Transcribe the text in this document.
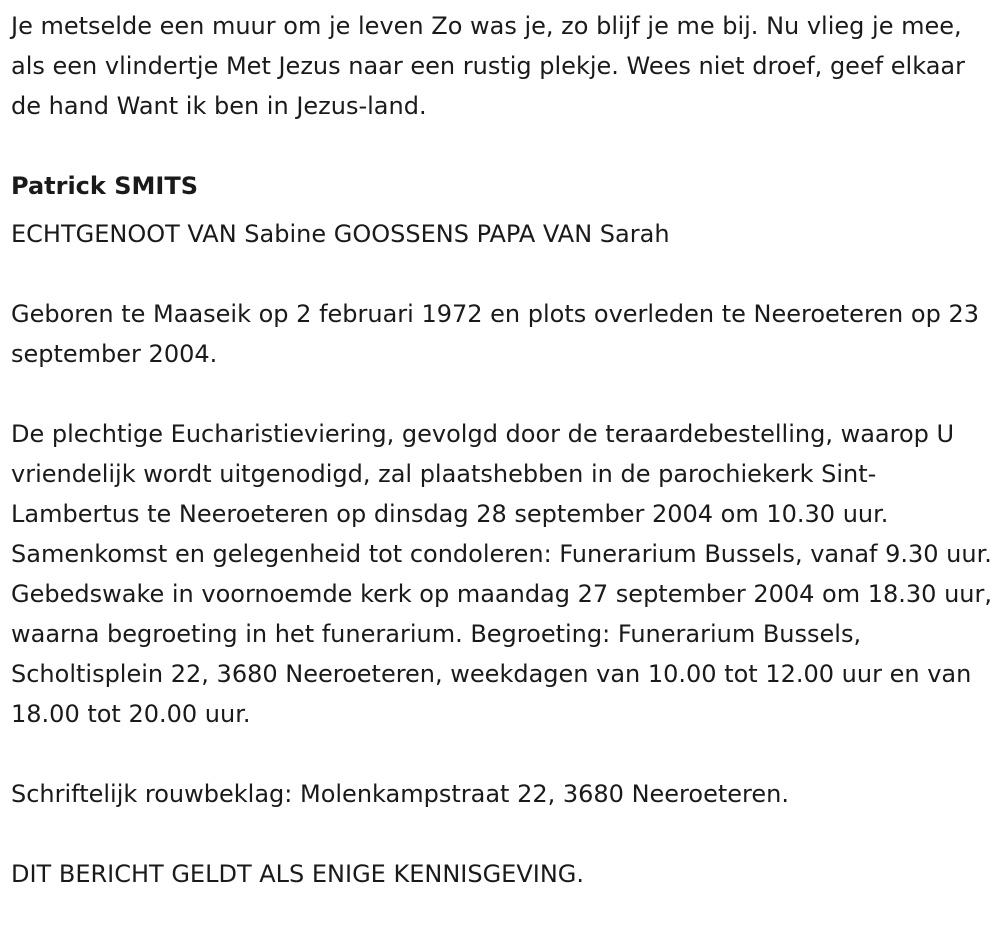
Je metselde een muur om je leven Zo was je, zo blijf je me bij. Nu vlieg je mee, als een vlindertje Met Jezus naar een rustig plekje. Wees niet droef, geef elkaar de hand Want ik ben in Jezus-land.

Patrick SMITS

ECHTGENOOT VAN Sabine GOOSSENS PAPA VAN Sarah

Geboren te Maaseik op 2 februari 1972 en plots overleden te Neeroeteren op 23 september 2004.

De plechtige Eucharistieviering, gevolgd door de teraardebestelling, waarop U vriendelijk wordt uitgenodigd, zal plaatshebben in de parochiekerk Sint-Lambertus te Neeroeteren op dinsdag 28 september 2004 om 10.30 uur. Samenkomst en gelegenheid tot condoleren: Funerarium Bussels, vanaf 9.30 uur. Gebedswake in voornoemde kerk op maandag 27 september 2004 om 18.30 uur, waarna begroeting in het funerarium. Begroeting: Funerarium Bussels, Scholtisplein 22, 3680 Neeroeteren, weekdagen van 10.00 tot 12.00 uur en van 18.00 tot 20.00 uur.

Schriftelijk rouwbeklag: Molenkampstraat 22, 3680 Neeroeteren.

DIT BERICHT GELDT ALS ENIGE KENNISGEVING.
